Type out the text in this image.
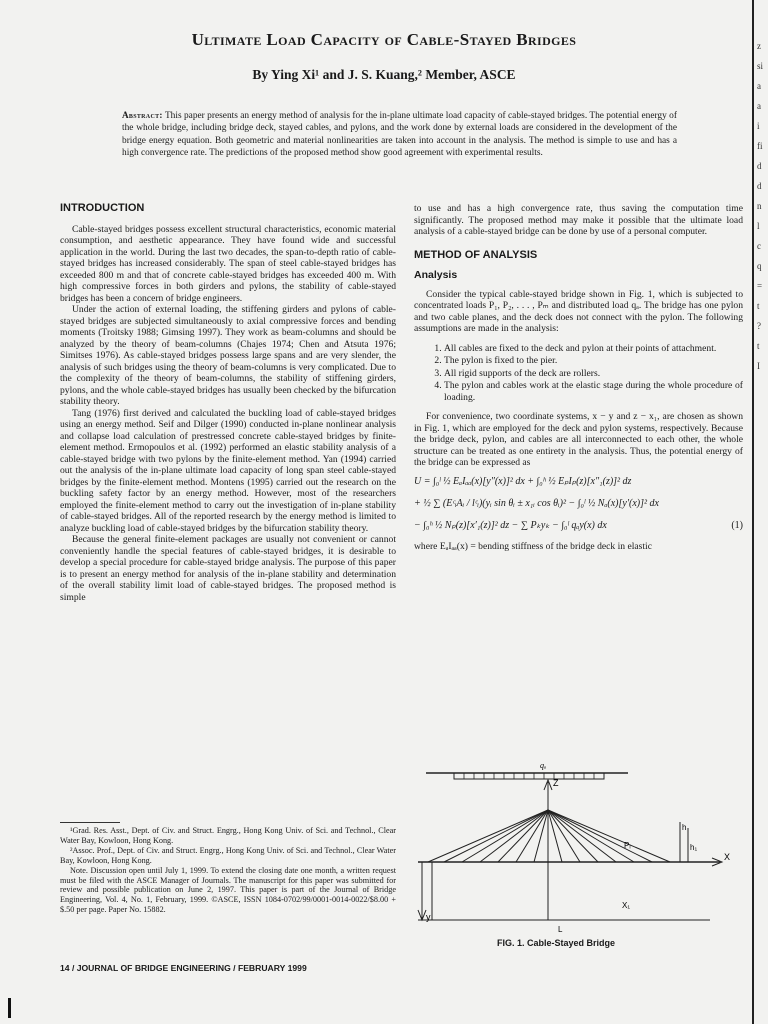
Ultimate Load Capacity of Cable-Stayed Bridges
By Ying Xi¹ and J. S. Kuang,² Member, ASCE
Abstract: This paper presents an energy method of analysis for the in-plane ultimate load capacity of cable-stayed bridges. The potential energy of the whole bridge, including bridge deck, stayed cables, and pylons, and the work done by external loads are considered in the development of the bridge energy equation. Both geometric and material nonlinearities are taken into account in the analysis. The method is simple to use and has a high convergence rate. The predictions of the proposed method show good agreement with experimental results.
INTRODUCTION

Cable-stayed bridges possess excellent structural characteristics, economic material consumption, and aesthetic appearance. They have found wide and successful application in the world. During the last two decades, the span-to-depth ratio of cable-stayed bridges has increased considerably. The span of steel cable-stayed bridges has exceeded 800 m and that of concrete cable-stayed bridges has exceeded 400 m. With high compressive forces in both girders and pylons, the stability of cable-stayed bridges has been a concern of bridge engineers.

Under the action of external loading, the stiffening girders and pylons of cable-stayed bridges are subjected simultaneously to axial compressive forces and bending moments (Troitsky 1988; Gimsing 1997). They work as beam-columns and should be analyzed by the theory of beam-columns (Chajes 1974; Chen and Atsuta 1976; Simitses 1976). As cable-stayed bridges possess large spans and are very slender, the analysis of such bridges using the theory of beam-columns is very complicated. Due to the complexity of the theory of beam-columns, the stability of stiffening girders, pylons, and the whole cable-stayed bridges has usually been checked by the bifurcation stability theory.

Tang (1976) first derived and calculated the buckling load of cable-stayed bridges using an energy method. Seif and Dilger (1990) conducted in-plane nonlinear analysis and collapse load calculation of prestressed concrete cable-stayed bridges by finite-element method. Ermopoulos et al. (1992) performed an elastic stability analysis of a cable-stayed bridge with two pylons by the finite-element method. Yan (1994) carried out the analysis of the in-plane ultimate load capacity of long span steel cable-stayed bridges by the finite-element method. Montens (1995) carried out the research on the buckling safety factor by an energy method. However, most of the researchers employed the finite-element method to carry out the investigation of in-plane stability of cable-stayed bridges. All of the reported research by the energy method is limited to analyze buckling load of cable-stayed bridges by the bifurcation stability theory.

Because the general finite-element packages are usually not convenient or cannot conveniently handle the special features of cable-stayed bridges, it is desirable to develop a special procedure for cable-stayed bridge analysis. The purpose of this paper is to present an energy method for analysis of the in-plane stability and determination of the overall stability limit load of cable-stayed bridges. The proposed method is simple

¹Grad. Res. Asst., Dept. of Civ. and Struct. Engrg., Hong Kong Univ. of Sci. and Technol., Clear Water Bay, Kowloon, Hong Kong.

²Assoc. Prof., Dept. of Civ. and Struct. Engrg., Hong Kong Univ. of Sci. and Technol., Clear Water Bay, Kowloon, Hong Kong.

Note. Discussion open until July 1, 1999. To extend the closing date one month, a written request must be filed with the ASCE Manager of Journals. The manuscript for this paper was submitted for review and possible publication on June 2, 1997. This paper is part of the Journal of Bridge Engineering, Vol. 4, No. 1, February, 1999. ©ASCE, ISSN 1084-0702/99/0001-0014-0022/$8.00 + $.50 per page. Paper No. 15882.

14 / JOURNAL OF BRIDGE ENGINEERING / FEBRUARY 1999

to use and has a high convergence rate, thus saving the computation time significantly. The proposed method may make it possible that the ultimate load analysis of a cable-stayed bridge can be done by use of a personal computer.

METHOD OF ANALYSIS
Analysis

Consider the typical cable-stayed bridge shown in Fig. 1, which is subjected to concentrated loads P₁, P₂, . . . , Pₘ and distributed load qₐ. The bridge has one pylon and two cable planes, and the deck does not connect with the pylon. The following assumptions are made in the analysis:

1. All cables are fixed to the deck and pylon at their points of attachment.
2. The pylon is fixed to the pier.
3. All rigid supports of the deck are rollers.
4. The pylon and cables work at the elastic stage during the whole procedure of loading.

For convenience, two coordinate systems, x − y and z − x₁, are chosen as shown in Fig. 1, which are employed for the deck and pylon systems, respectively. Because the bridge deck, pylon, and cables are all interconnected to each other, the whole structure can be treated as one entirety in the analysis. Thus, the potential energy of the bridge can be expressed as

U = ∫₀ˡ ½ EₐIₐₐ(x)[y″(x)]² dx + ∫₀ʰ ½ EₚIₚ(z)[x″₁(z)]² dz
+ ½ ∑ (EᶜᵢAᵢ / lᶜᵢ)(yᵢ sin θᵢ ± x₁ᵢ cos θᵢ)² − ∫₀ˡ ½ Nₐ(x)[y′(x)]² dx
− ∫₀ʰ ½ Nₚ(z)[x′₁(z)]² dz − ∑ Pₖyₖ − ∫₀ˡ qₐy(x) dx	(1)

where EₐIₐₐ(x) = bending stiffness of the bridge deck in elastic

qₐ
Z
X
y
X₁
L
h
h₁
Pᵢ
FIG. 1. Cable-Stayed Bridge
z
si
a
a
i
fi
d
d
n
l
c
q
=
t
?
t
I
